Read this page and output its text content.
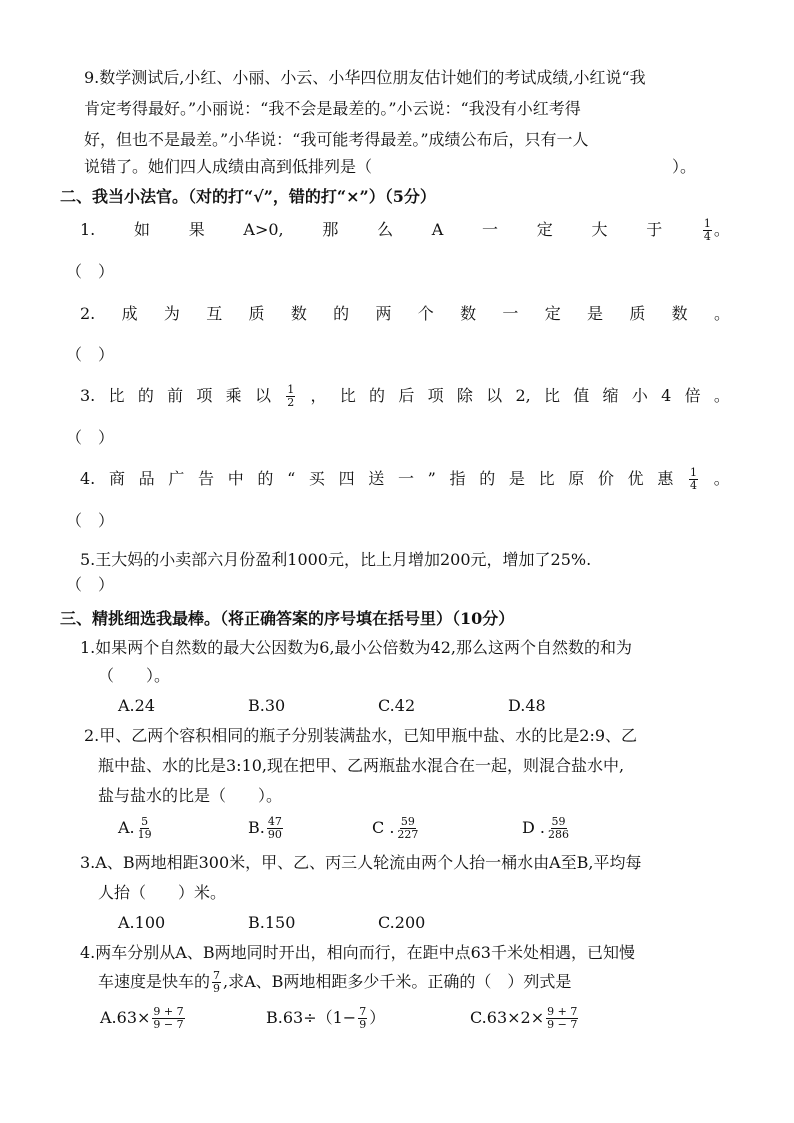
9.数学测试后,小红、小丽、小云、小华四位朋友估计她们的考试成绩,小红说“我
肯定考得最好。”小丽说：“我不会是最差的。”小云说：“我没有小红考得
好，但也不是最差。”小华说：“我可能考得最差。”成绩公布后，只有一人
说错了。她们四人成绩由高到低排列是（	）。
二、我当小法官。（对的打“√”，错的打“×”）（5分）
1. 如 果 A>0, 那 么 A 一 定 大 于	$\frac{1}{4}$ 。
（　）
2. 成 为 互 质 数 的 两 个 数 一 定 是 质 数 。
（　）
3. 比 的 前 项 乘 以 $\frac{1}{2}$ ， 比 的 后 项 除 以 2, 比 值 缩 小 4 倍 。
（　）
4. 商 品 广 告 中 的 “ 买 四 送 一 ” 指 的 是 比 原 价 优 惠 $\frac{1}{4}$ 。
（　）
5.王大妈的小卖部六月份盈利1000元，比上月增加200元，增加了25%.
（　）
三、精挑细选我最棒。（将正确答案的序号填在括号里）（10分）
1.如果两个自然数的最大公因数为6,最小公倍数为42,那么这两个自然数的和为
（　　）。
A.24	B.30	C.42	D.48
2.甲、乙两个容积相同的瓶子分别装满盐水，已知甲瓶中盐、水的比是2:9、乙
瓶中盐、水的比是3:10,现在把甲、乙两瓶盐水混合在一起，则混合盐水中,
盐与盐水的比是（　　）。
A. $\frac{5}{19}$	B. $\frac{47}{90}$	C . $\frac{59}{227}$	D . $\frac{59}{286}$
3.A、B两地相距300米，甲、乙、丙三人轮流由两个人抬一桶水由A至B,平均每
人抬（　　）米。
A.100	B.150	C.200
4.两车分别从A、B两地同时开出，相向而行，在距中点63千米处相遇，已知慢
车速度是快车的 $\frac{7}{9}$ ,求A、B两地相距多少千米。正确的（　）列式是
$A.63\times \frac{9 + 7}{9 - 7}$	$B.63\div(1- \frac{7}{9}$ ）	$C.63\times 2\times \frac{9 + 7}{9 - 7}$
